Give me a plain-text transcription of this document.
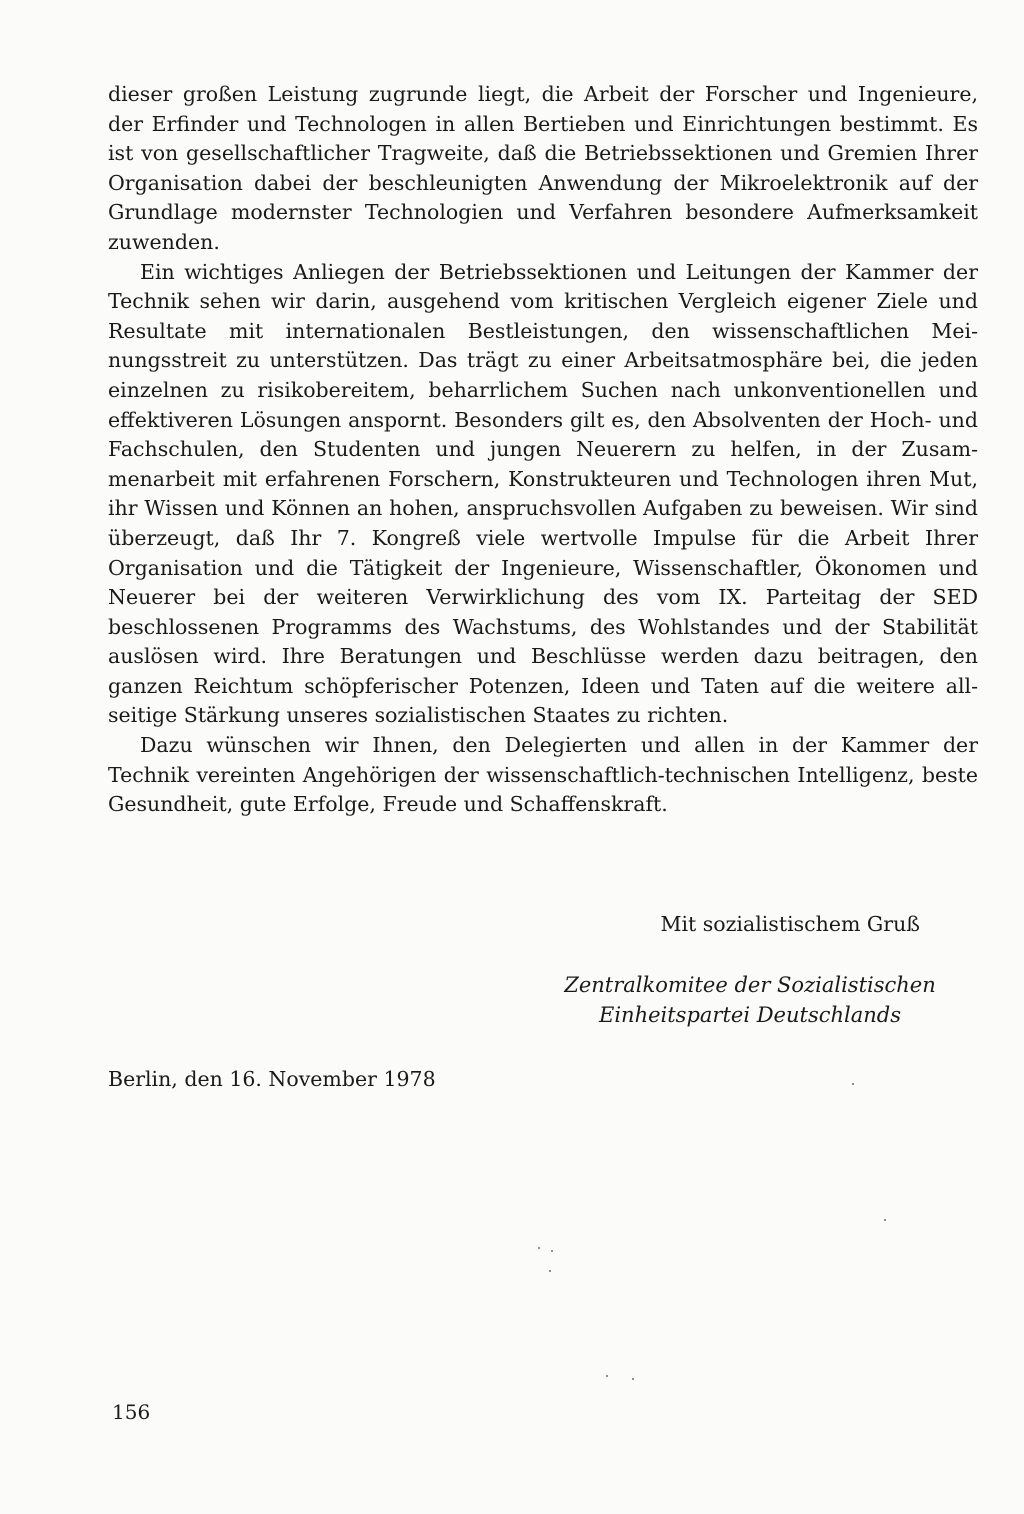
dieser großen Leistung zugrunde liegt, die Arbeit der Forscher und Ingenieure, der Erfinder und Technologen in allen Bertieben und Einrichtungen bestimmt. Es ist von gesellschaftlicher Tragweite, daß die Betriebssektionen und Gremien Ihrer Organisation dabei der beschleunigten Anwendung der Mikroelektronik auf der Grundlage modernster Technologien und Verfahren besondere Aufmerksamkeit zuwenden.

Ein wichtiges Anliegen der Betriebssektionen und Leitungen der Kammer der Technik sehen wir darin, ausgehend vom kritischen Vergleich eigener Ziele und Resultate mit internationalen Bestleistungen, den wissenschaftlichen Meinungsstreit zu unterstützen. Das trägt zu einer Arbeitsatmosphäre bei, die jeden einzelnen zu risikobereitem, beharrlichem Suchen nach unkonventionellen und effektiveren Lösungen anspornt. Besonders gilt es, den Absolventen der Hoch- und Fachschulen, den Studenten und jungen Neuerern zu helfen, in der Zusammenarbeit mit erfahrenen Forschern, Konstrukteuren und Technologen ihren Mut, ihr Wissen und Können an hohen, anspruchsvollen Aufgaben zu beweisen. Wir sind überzeugt, daß Ihr 7. Kongreß viele wertvolle Impulse für die Arbeit Ihrer Organisation und die Tätigkeit der Ingenieure, Wissenschaftler, Ökonomen und Neuerer bei der weiteren Verwirklichung des vom IX. Parteitag der SED beschlossenen Programms des Wachstums, des Wohlstandes und der Stabilität auslösen wird. Ihre Beratungen und Beschlüsse werden dazu beitragen, den ganzen Reichtum schöpferischer Potenzen, Ideen und Taten auf die weitere allseitige Stärkung unseres sozialistischen Staates zu richten.

Dazu wünschen wir Ihnen, den Delegierten und allen in der Kammer der Technik vereinten Angehörigen der wissenschaftlich-technischen Intelligenz, beste Gesundheit, gute Erfolge, Freude und Schaffenskraft.

Mit sozialistischem Gruß
Zentralkomitee der Sozialistischen
Einheitspartei Deutschlands
Berlin, den 16. November 1978
156
